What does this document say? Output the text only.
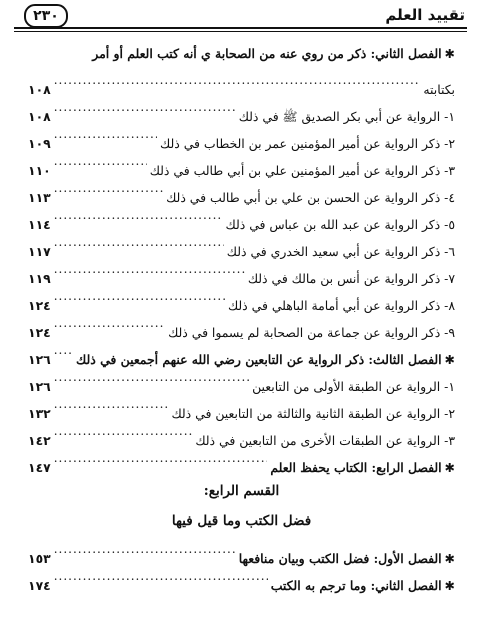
تقييد العلم
٢٣٠
✱الفصل الثاني: ذكر من روي عنه من الصحابة ي أنه كتب العلم أو أمر
بكتابته
.....
١٠٨
١- الرواية عن أبي بكر الصديق ﷺ في ذلك
.....
١٠٨
٢- ذكر الرواية عن أمير المؤمنين عمر بن الخطاب في ذلك
.....
١٠٩
٣- ذكر الرواية عن أمير المؤمنين علي بن أبي طالب في ذلك
.....
١١٠
٤- ذكر الرواية عن الحسن بن علي بن أبي طالب في ذلك
.....
١١٣
٥- ذكر الرواية عن عبد الله بن عباس في ذلك
.....
١١٤
٦- ذكر الرواية عن أبي سعيد الخدري في ذلك
.....
١١٧
٧- ذكر الرواية عن أنس بن مالك في ذلك
.....
١١٩
٨- ذكر الرواية عن أبي أمامة الباهلي في ذلك
.....
١٢٤
٩- ذكر الرواية عن جماعة من الصحابة لم يسموا في ذلك
.....
١٢٤
✱الفصل الثالث: ذكر الرواية عن التابعين رضي الله عنهم أجمعين في ذلك
.....
١٢٦
١- الرواية عن الطبقة الأولى من التابعين
.....
١٢٦
٢- الرواية عن الطبقة الثانية والثالثة من التابعين في ذلك
.....
١٣٢
٣- الرواية عن الطبقات الأخرى من التابعين في ذلك
.....
١٤٢
✱الفصل الرابع: الكتاب يحفظ العلم
.....
١٤٧
القسم الرابع:
فضل الكتب وما قيل فيها
✱الفصل الأول: فضل الكتب وبيان منافعها
.....
١٥٣
✱الفصل الثاني: وما ترجم به الكتب
.....
١٧٤
